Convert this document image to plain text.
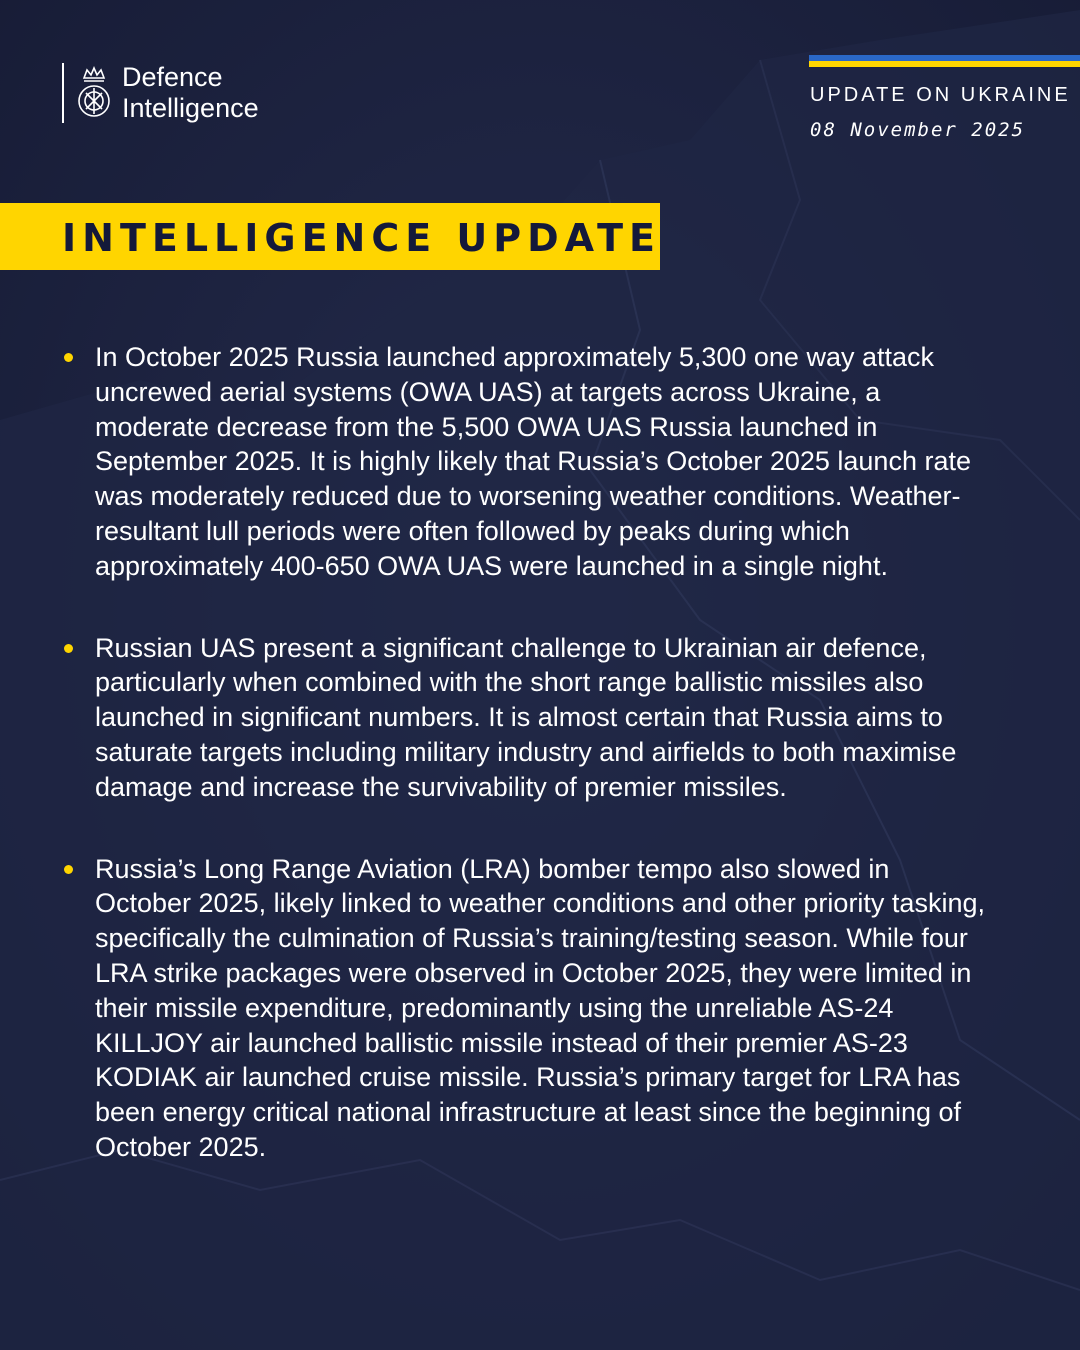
Defence
Intelligence	UPDATE ON UKRAINE
08 November 2025
INTELLIGENCE UPDATE
In October 2025 Russia launched approximately 5,300 one way attack uncrewed aerial systems (OWA UAS) at targets across Ukraine, a moderate decrease from the 5,500 OWA UAS Russia launched in September 2025. It is highly likely that Russia’s October 2025 launch rate was moderately reduced due to worsening weather conditions. Weather-resultant lull periods were often followed by peaks during which approximately 400-650 OWA UAS were launched in a single night.
Russian UAS present a significant challenge to Ukrainian air defence, particularly when combined with the short range ballistic missiles also launched in significant numbers. It is almost certain that Russia aims to saturate targets including military industry and airfields to both maximise damage and increase the survivability of premier missiles.
Russia’s Long Range Aviation (LRA) bomber tempo also slowed in October 2025, likely linked to weather conditions and other priority tasking, specifically the culmination of Russia’s training/testing season. While four LRA strike packages were observed in October 2025, they were limited in their missile expenditure, predominantly using the unreliable AS-24 KILLJOY air launched ballistic missile instead of their premier AS-23 KODIAK air launched cruise missile. Russia’s primary target for LRA has been energy critical national infrastructure at least since the beginning of October 2025.
